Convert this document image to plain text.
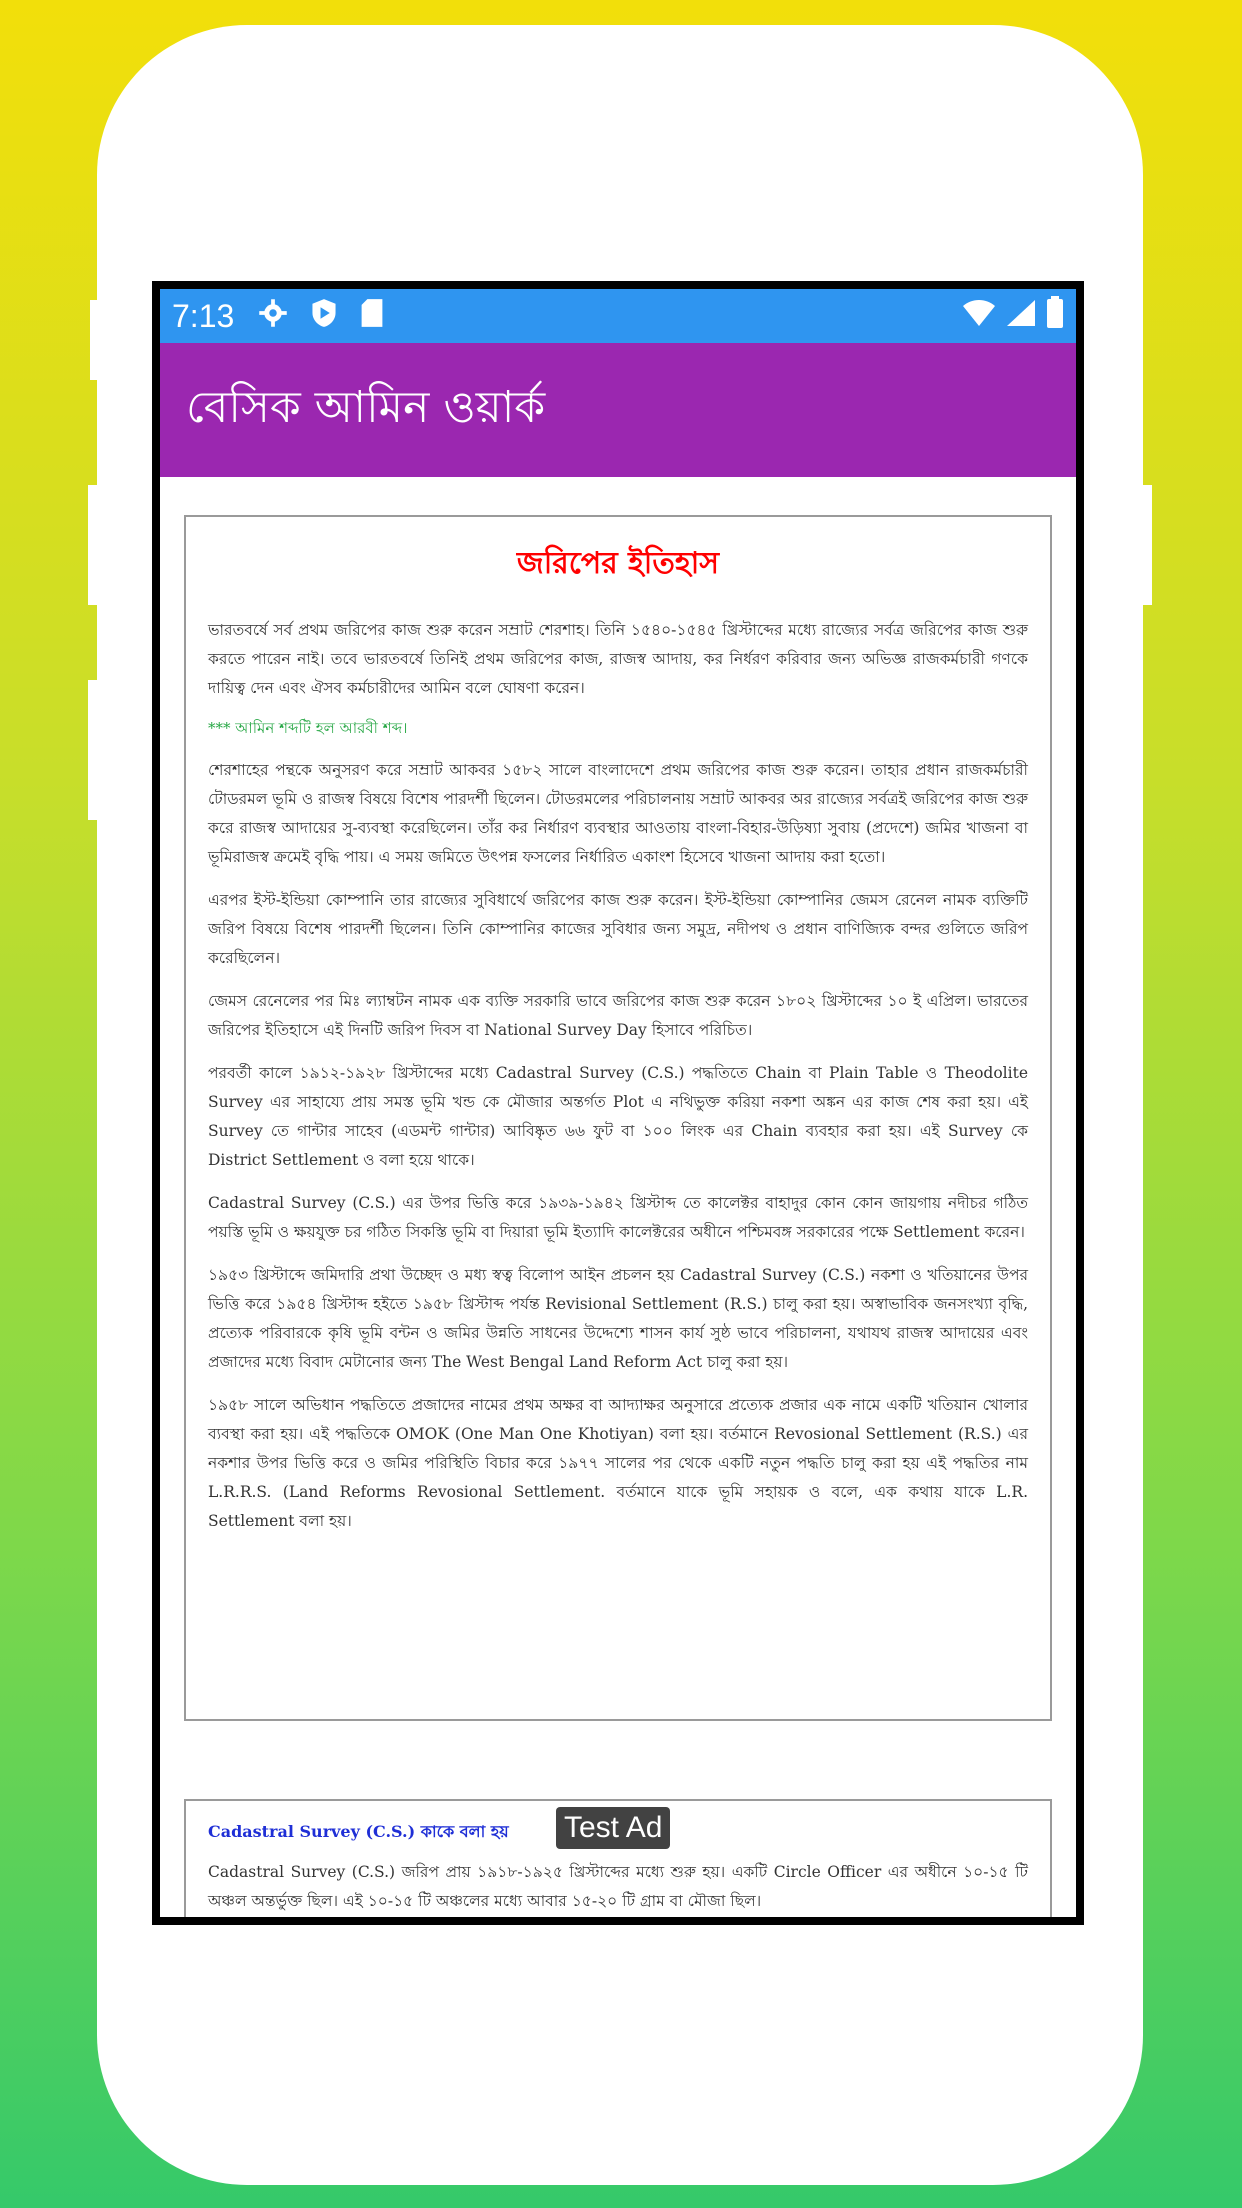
7:13
বেসিক আমিন ওয়ার্ক
জরিপের ইতিহাস

ভারতবর্ষে সর্ব প্রথম জরিপের কাজ শুরু করেন সম্রাট শেরশাহ। তিনি ১৫৪০-১৫৪৫ খ্রিস্টাব্দের মধ্যে রাজ্যের সর্বত্র জরিপের কাজ শুরু করতে পারেন নাই। তবে ভারতবর্ষে তিনিই প্রথম জরিপের কাজ, রাজস্ব আদায়, কর নির্ধরণ করিবার জন্য অভিজ্ঞ রাজকর্মচারী গণকে দায়িত্ব দেন এবং ঐসব কর্মচারীদের আমিন বলে ঘোষণা করেন।

*** আমিন শব্দটি হল আরবী শব্দ।

শেরশাহের পন্থকে অনুসরণ করে সম্রাট আকবর ১৫৮২ সালে বাংলাদেশে প্রথম জরিপের কাজ শুরু করেন। তাহার প্রধান রাজকর্মচারী টোডরমল ভূমি ও রাজস্ব বিষয়ে বিশেষ পারদর্শী ছিলেন। টোডরমলের পরিচালনায় সম্রাট আকবর অর রাজ্যের সর্বত্রই জরিপের কাজ শুরু করে রাজস্ব আদায়ের সু-ব্যবস্থা করেছিলেন। তাঁর কর নির্ধারণ ব্যবস্থার আওতায় বাংলা-বিহার-উড়িষ্যা সুবায় (প্রদেশে) জমির খাজনা বা ভূমিরাজস্ব ক্রমেই বৃদ্ধি পায়। এ সময় জমিতে উৎপন্ন ফসলের নির্ধারিত একাংশ হিসেবে খাজনা আদায় করা হতো।

এরপর ইস্ট-ইন্ডিয়া কোম্পানি তার রাজ্যের সুবিধার্থে জরিপের কাজ শুরু করেন। ইস্ট-ইন্ডিয়া কোম্পানির জেমস রেনেল নামক ব্যক্তিটি জরিপ বিষয়ে বিশেষ পারদর্শী ছিলেন। তিনি কোম্পানির কাজের সুবিধার জন্য সমুদ্র, নদীপথ ও প্রধান বাণিজ্যিক বন্দর গুলিতে জরিপ করেছিলেন।

জেমস রেনেলের পর মিঃ ল্যাম্বটন নামক এক ব্যক্তি সরকারি ভাবে জরিপের কাজ শুরু করেন ১৮০২ খ্রিস্টাব্দের ১০ ই এপ্রিল। ভারতের জরিপের ইতিহাসে এই দিনটি জরিপ দিবস বা National Survey Day হিসাবে পরিচিত।

পরবর্তী কালে ১৯১২-১৯২৮ খ্রিস্টাব্দের মধ্যে Cadastral Survey (C.S.) পদ্ধতিতে Chain বা Plain Table ও Theodolite Survey এর সাহায্যে প্রায় সমস্ত ভূমি খন্ড কে মৌজার অন্তর্গত Plot এ নথিভুক্ত করিয়া নকশা অঙ্কন এর কাজ শেষ করা হয়। এই Survey তে গান্টার সাহেব (এডমন্ট গান্টার) আবিষ্কৃত ৬৬ ফুট বা ১০০ লিংক এর Chain ব্যবহার করা হয়। এই Survey কে District Settlement ও বলা হয়ে থাকে।

Cadastral Survey (C.S.) এর উপর ভিত্তি করে ১৯৩৯-১৯৪২ খ্রিস্টাব্দ তে কালেক্টর বাহাদুর কোন কোন জায়গায় নদীচর গঠিত পয়স্তি ভূমি ও ক্ষয়যুক্ত চর গঠিত সিকস্তি ভূমি বা দিয়ারা ভূমি ইত্যাদি কালেক্টরের অধীনে পশ্চিমবঙ্গ সরকারের পক্ষে Settlement করেন।

১৯৫৩ খ্রিস্টাব্দে জমিদারি প্রথা উচ্ছেদ ও মধ্য স্বত্ব বিলোপ আইন প্রচলন হয় Cadastral Survey (C.S.) নকশা ও খতিয়ানের উপর ভিত্তি করে ১৯৫৪ খ্রিস্টাব্দ হইতে ১৯৫৮ খ্রিস্টাব্দ পর্যন্ত Revisional Settlement (R.S.) চালু করা হয়। অস্বাভাবিক জনসংখ্যা বৃদ্ধি, প্রত্যেক পরিবারকে কৃষি ভূমি বন্টন ও জমির উন্নতি সাধনের উদ্দেশ্যে শাসন কার্য সুষ্ঠ ভাবে পরিচালনা, যথাযথ রাজস্ব আদায়ের এবং প্রজাদের মধ্যে বিবাদ মেটানোর জন্য The West Bengal Land Reform Act চালু করা হয়।

১৯৫৮ সালে অভিধান পদ্ধতিতে প্রজাদের নামের প্রথম অক্ষর বা আদ্যাক্ষর অনুসারে প্রত্যেক প্রজার এক নামে একটি খতিয়ান খোলার ব্যবস্থা করা হয়। এই পদ্ধতিকে OMOK (One Man One Khotiyan) বলা হয়। বর্তমানে Revosional Settlement (R.S.) এর নকশার উপর ভিত্তি করে ও জমির পরিস্থিতি বিচার করে ১৯৭৭ সালের পর থেকে একটি নতুন পদ্ধতি চালু করা হয় এই পদ্ধতির নাম L.R.R.S. (Land Reforms Revosional Settlement. বর্তমানে যাকে ভূমি সহায়ক ও বলে, এক কথায় যাকে L.R. Settlement বলা হয়।

Cadastral Survey (C.S.) কাকে বলা হয়

Cadastral Survey (C.S.) জরিপ প্রায় ১৯১৮-১৯২৫ খ্রিস্টাব্দের মধ্যে শুরু হয়। একটি Circle Officer এর অধীনে ১০-১৫ টি অঞ্চল অন্তর্ভুক্ত ছিল। এই ১০-১৫ টি অঞ্চলের মধ্যে আবার ১৫-২০ টি গ্রাম বা মৌজা ছিল।

Test Ad
